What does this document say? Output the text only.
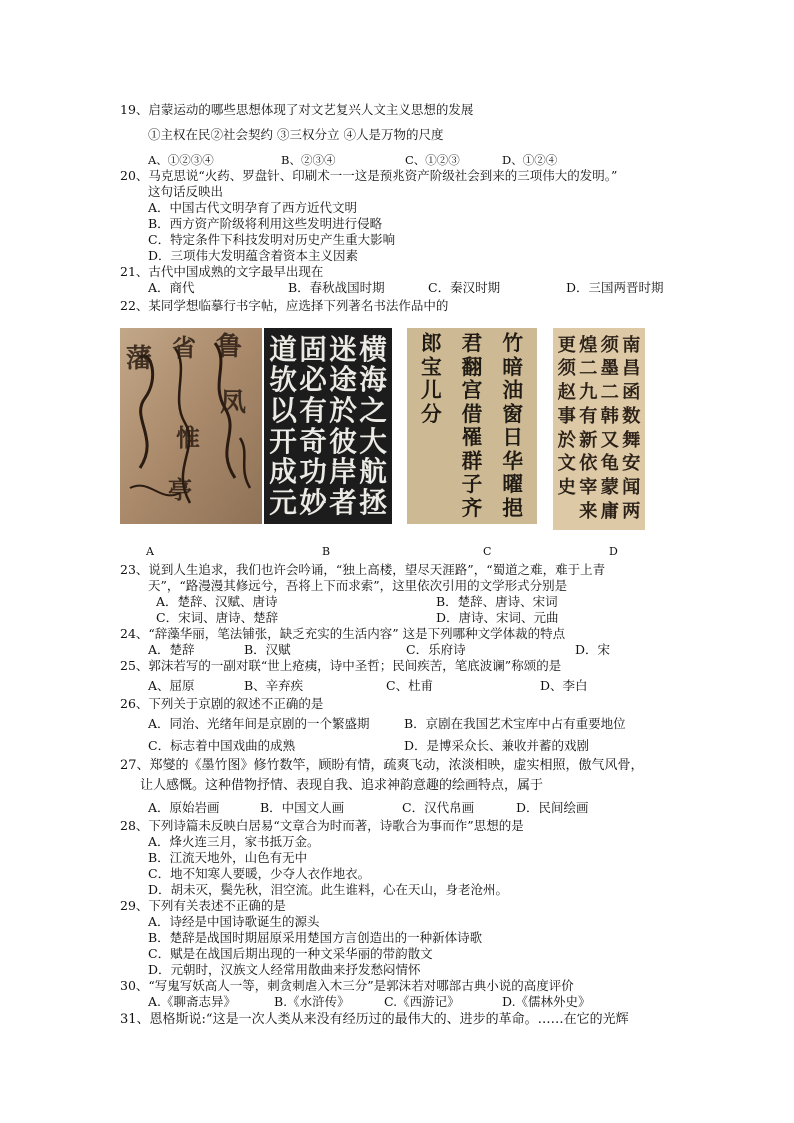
19、启蒙运动的哪些思想体现了对文艺复兴人文主义思想的发展
①主权在民②社会契约 ③三权分立 ④人是万物的尺度
A、①②③④	B、②③④	C、①②③	D、①②④
20、马克思说“火药、罗盘针、印刷术一一这是预兆资产阶级社会到来的三项伟大的发明。”
这句话反映出
A．中国古代文明孕育了西方近代文明
B．西方资产阶级将利用这些发明进行侵略
C．特定条件下科技发明对历史产生重大影响
D．三项伟大发明蕴含着资本主义因素
21、古代中国成熟的文字最早出现在
A．商代	B．春秋战国时期	C．秦汉时期	D．三国两晋时期
22、某同学想临摹行书字帖，应选择下列著名书法作品中的
藩 省 鲁
惟
凤
亭
横
海
之
大
航
拯
迷
途
於
彼
岸
者
固
必
有
奇
功
妙
道
欤
以
开
成
元
竹
暗
油
窗
日
华
曜
挹
君
翻
宫
借
罹
群
子
齐
郎
宝
儿
分
南
昌
函
数
舞
安
闻
两
须
墨
二
韩
又
龟
蒙
庸
煌
二
九
有
新
依
宰
来
更
须
赵
事
於
文
史
A	B	C	D
23、说到人生追求，我们也许会吟诵，“独上高楼，望尽天涯路”，“蜀道之难，难于上青
天”，“路漫漫其修远兮，吾将上下而求索”，这里依次引用的文学形式分别是
A．楚辞、汉赋、唐诗	B．楚辞、唐诗、宋词
C．宋词、唐诗、楚辞	D．唐诗、宋词、元曲
24、“辞藻华丽，笔法铺张，缺乏充实的生活内容” 这是下列哪种文学体裁的特点
A．楚辞	B．汉赋	C．乐府诗	D．宋
25、郭沫若写的一副对联“世上疮痍，诗中圣哲；民间疾苦，笔底波谰”称颂的是
A、屈原	B、辛弃疾	C、杜甫	D、李白
26、下列关于京剧的叙述不正确的是
A．同治、光绪年间是京剧的一个繁盛期	B．京剧在我国艺术宝库中占有重要地位
C．标志着中国戏曲的成熟	D．是博采众长、兼收并蓄的戏剧
27、郑燮的《墨竹图》修竹数竿，顾盼有情，疏爽飞动，浓淡相映，虚实相照，傲气风骨，
让人感慨。这种借物抒情、表现自我、追求神韵意趣的绘画特点，属于
A．原始岩画	B．中国文人画	C．汉代帛画	D．民间绘画
28、下列诗篇未反映白居易“文章合为时而著，诗歌合为事而作”思想的是
A．烽火连三月，家书抵万金。
B．江流天地外，山色有无中
C．地不知寒人要暖，少夺人衣作地衣。
D．胡未灭，鬓先秋，泪空流。此生谁料，心在天山，身老沧州。
29、下列有关表述不正确的是
A．诗经是中国诗歌诞生的源头
B．楚辞是战国时期屈原采用楚国方言创造出的一种新体诗歌
C．赋是在战国后期出现的一种文采华丽的带韵散文
D．元朝时，汉族文人经常用散曲来抒发愁闷情怀
30、“写鬼写妖高人一等，刺贪刺虐入木三分”是郭沫若对哪部古典小说的高度评价
A.《聊斋志异》	B.《水浒传》	C.《西游记》	D.《儒林外史》
31、恩格斯说:“这是一次人类从来没有经历过的最伟大的、进步的革命。……在它的光辉
